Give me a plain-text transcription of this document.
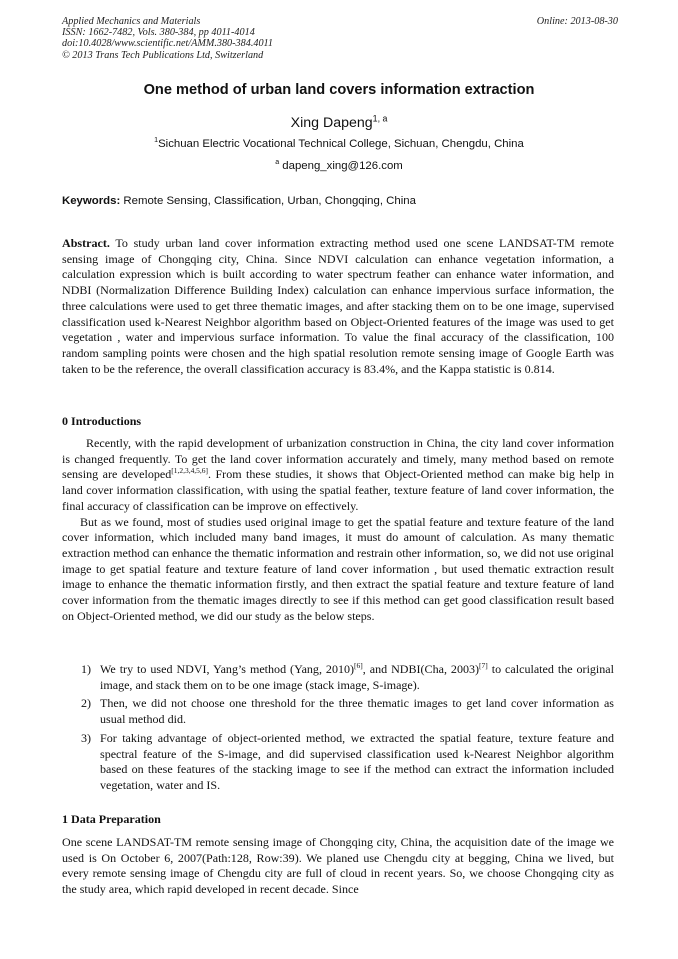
Applied Mechanics and Materials
ISSN: 1662-7482, Vols. 380-384, pp 4011-4014
doi:10.4028/www.scientific.net/AMM.380-384.4011
© 2013 Trans Tech Publications Ltd, Switzerland
Online: 2013-08-30
One method of urban land covers information extraction
Xing Dapeng$^{1, a}$
$^1$Sichuan Electric Vocational Technical College, Sichuan, Chengdu, China
$^a$ dapeng_xing@126.com
Keywords: Remote Sensing, Classification, Urban, Chongqing, China

Abstract. To study urban land cover information extracting method used one scene LANDSAT-TM remote sensing image of Chongqing city, China. Since NDVI calculation can enhance vegetation information, a calculation expression which is built according to water spectrum feather can enhance water information, and NDBI (Normalization Difference Building Index) calculation can enhance impervious surface information, the three calculations were used to get three thematic images, and after stacking them on to be one image, supervised classification used k-Nearest Neighbor algorithm based on Object-Oriented features of the image was used to get vegetation , water and impervious surface information. To value the final accuracy of the classification, 100 random sampling points were chosen and the high spatial resolution remote sensing image of Google Earth was taken to be the reference, the overall classification accuracy is 83.4%, and the Kappa statistic is 0.814.

0 Introductions

Recently, with the rapid development of urbanization construction in China, the city land cover information is changed frequently. To get the land cover information accurately and timely, many method based on remote sensing are developed[1,2,3,4,5,6]. From these studies, it shows that Object-Oriented method can make big help in land cover information classification, with using the spatial feather, texture feature of land cover information, the final accuracy of classification can be improve on effectively.

But as we found, most of studies used original image to get the spatial feature and texture feature of the land cover information, which included many band images, it must do amount of calculation. As many thematic extraction method can enhance the thematic information and restrain other information, so, we did not use original image to get spatial feature and texture feature of land cover information , but used thematic extraction result image to enhance the thematic information firstly, and then extract the spatial feature and texture feature of land cover information from the thematic images directly to see if this method can get good classification result based on Object-Oriented method, we did our study as the below steps.

1) We try to used NDVI, Yang’s method (Yang, 2010)[6], and NDBI(Cha, 2003)[7] to calculated the original image, and stack them on to be one image (stack image, S-image).
2) Then, we did not choose one threshold for the three thematic images to get land cover information as usual method did.
3) For taking advantage of object-oriented method, we extracted the spatial feature, texture feature and spectral feature of the S-image, and did supervised classification used k-Nearest Neighbor algorithm based on these features of the stacking image to see if the method can extract the information included vegetation, water and IS.
1 Data Preparation

One scene LANDSAT-TM remote sensing image of Chongqing city, China, the acquisition date of the image we used is On October 6, 2007(Path:128, Row:39). We planed use Chengdu city at begging, China we lived, but every remote sensing image of Chengdu city are full of cloud in recent years. So, we choose Chongqing city as the study area, which rapid developed in recent decade. Since
